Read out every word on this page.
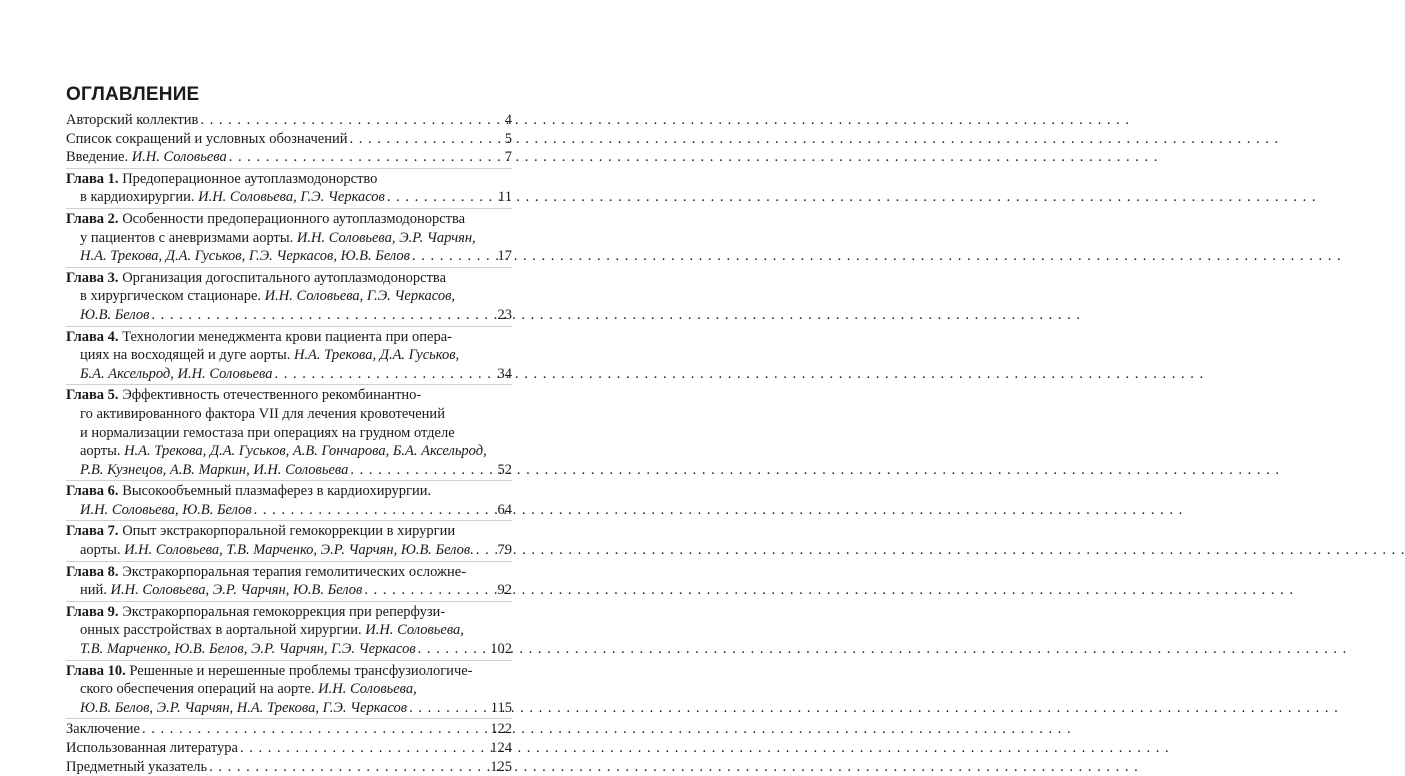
ОГЛАВЛЕНИЕ
Авторский коллектив . . .	4
Список сокращений и условных обозначений . . .	5
Введение. И.Н. Соловьева . . .	7
Глава 1. Предоперационное аутоплазмодонорство
в кардиохирургии. И.Н. Соловьева, Г.Э. Черкасов . . .	11
Глава 2. Особенности предоперационного аутоплазмодонорства
у пациентов с аневризмами аорты. И.Н. Соловьева, Э.Р. Чарчян,
Н.А. Трекова, Д.А. Гуськов, Г.Э. Черкасов, Ю.В. Белов . . .	17
Глава 3. Организация догоспитального аутоплазмодонорства
в хирургическом стационаре. И.Н. Соловьева, Г.Э. Черкасов,
Ю.В. Белов . . .	23
Глава 4. Технологии менеджмента крови пациента при опера-
циях на восходящей и дуге аорты. Н.А. Трекова, Д.А. Гуськов,
Б.А. Аксельрод, И.Н. Соловьева . . .	34
Глава 5. Эффективность отечественного рекомбинантно-
го активированного фактора VII для лечения кровотечений
и нормализации гемостаза при операциях на грудном отделе
аорты. Н.А. Трекова, Д.А. Гуськов, А.В. Гончарова, Б.А. Аксельрод,
Р.В. Кузнецов, А.В. Маркин, И.Н. Соловьева . . .	52
Глава 6. Высокообъемный плазмаферез в кардиохирургии.
И.Н. Соловьева, Ю.В. Белов . . .	64
Глава 7. Опыт экстракорпоральной гемокоррекции в хирургии
аорты. И.Н. Соловьева, Т.В. Марченко, Э.Р. Чарчян, Ю.В. Белов. . . . 79
Глава 8. Экстракорпоральная терапия гемолитических осложне-
ний. И.Н. Соловьева, Э.Р. Чарчян, Ю.В. Белов . . .	92
Глава 9. Экстракорпоральная гемокоррекция при реперфузи-
онных расстройствах в аортальной хирургии. И.Н. Соловьева,
Т.В. Марченко, Ю.В. Белов, Э.Р. Чарчян, Г.Э. Черкасов . . .	102
Глава 10. Решенные и нерешенные проблемы трансфузиологиче-
ского обеспечения операций на аорте. И.Н. Соловьева,
Ю.В. Белов, Э.Р. Чарчян, Н.А. Трекова, Г.Э. Черкасов . . .	115
Заключение . . .	122
Использованная литература . . .	124
Предметный указатель . . .	125
